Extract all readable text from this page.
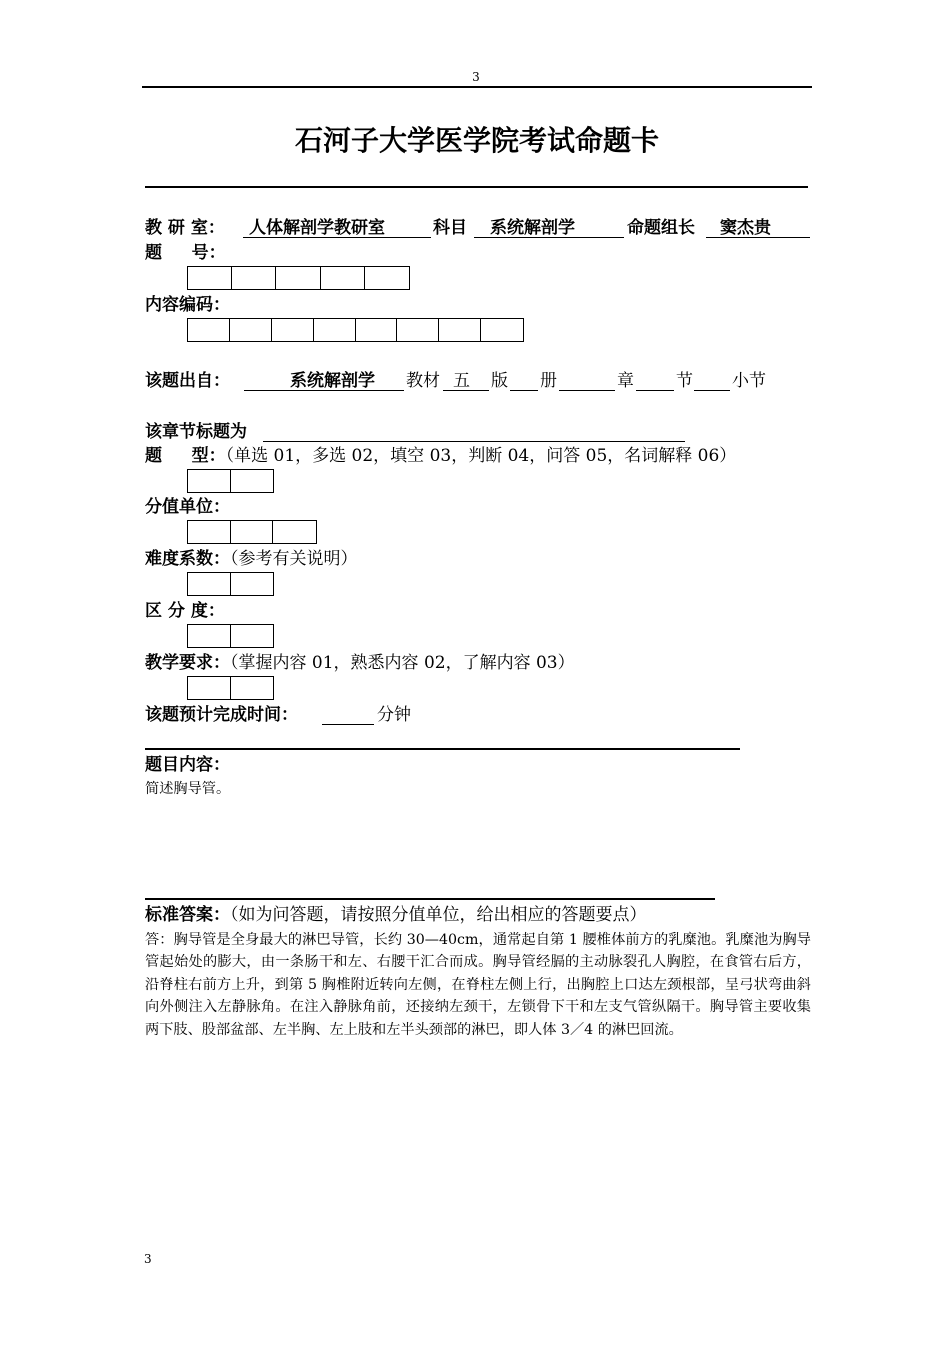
3
石河子大学医学院考试命题卡
教 研 室： 人体解剖学教研室	科目 系统解剖学	命题组长 窦杰贵
题     号：
内容编码：
该题出自：	系统解剖学 教材 五 版 册	章 节 小节
该章节标题为
题     型：（单选 01，多选 02，填空 03，判断 04，问答 05，名词解释 06）
分值单位：
难度系数：（参考有关说明）
区 分 度：
教学要求：（掌握内容 01，熟悉内容 02，了解内容 03）
该题预计完成时间：	分钟
题目内容：
简述胸导管。
标准答案：（如为问答题，请按照分值单位，给出相应的答题要点）
答：胸导管是全身最大的淋巴导管，长约 30—40cm，通常起自第 1 腰椎体前方的乳糜池。乳糜池为胸导管起始处的膨大，由一条肠干和左、右腰干汇合而成。胸导管经膈的主动脉裂孔人胸腔，在食管右后方，沿脊柱右前方上升，到第 5 胸椎附近转向左侧，在脊柱左侧上行，出胸腔上口达左颈根部，呈弓状弯曲斜向外侧注入左静脉角。在注入静脉角前，还接纳左颈干，左锁骨下干和左支气管纵隔干。胸导管主要收集两下肢、股部盆部、左半胸、左上肢和左半头颈部的淋巴，即人体 3／4 的淋巴回流。
3
